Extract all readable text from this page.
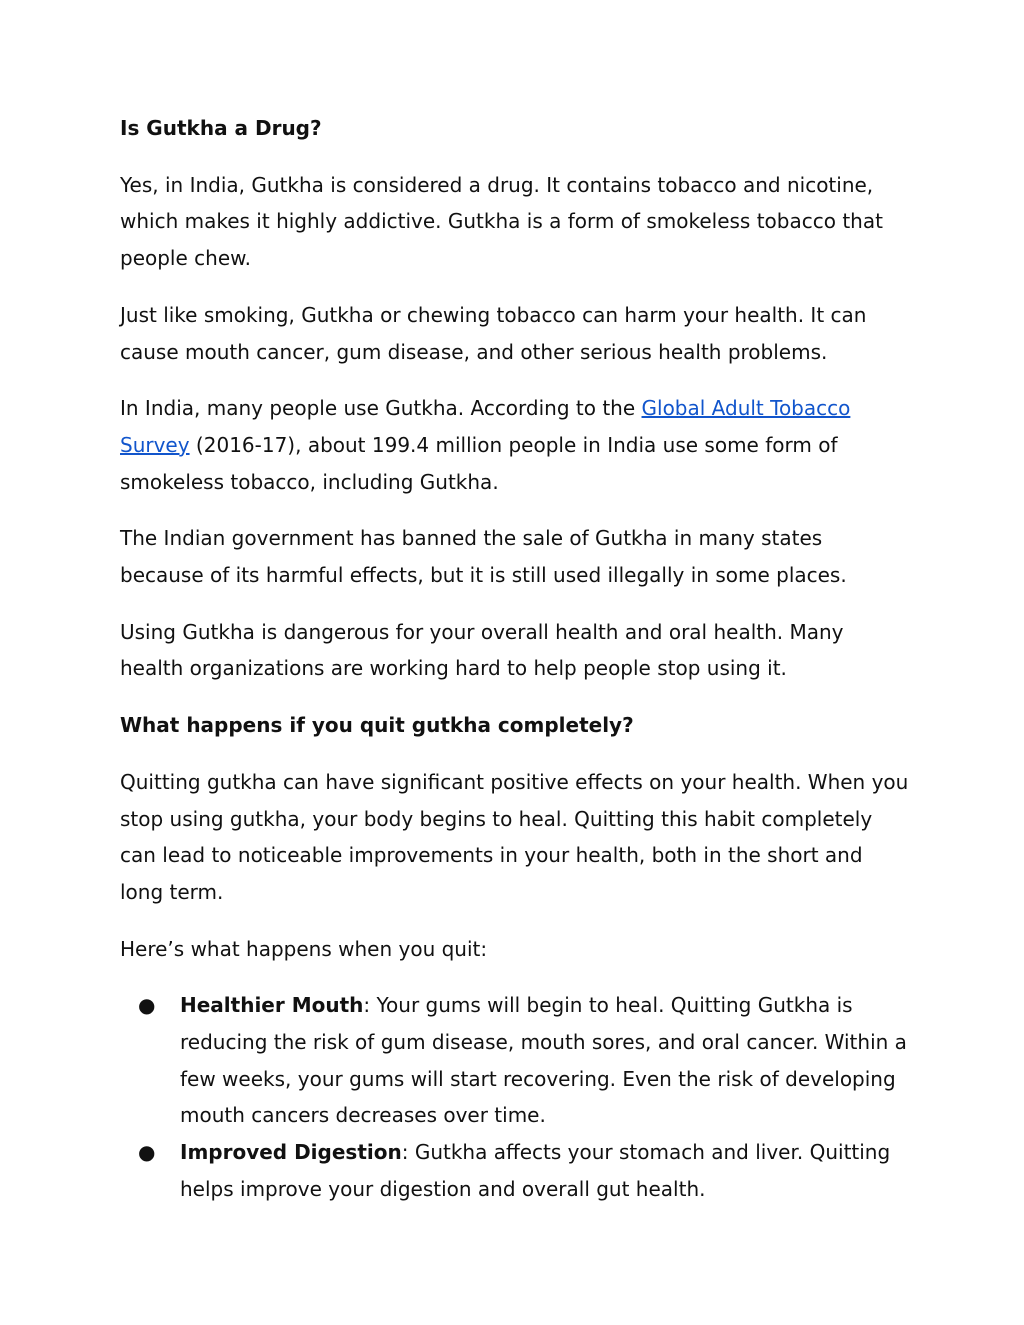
Is Gutkha a Drug?
Yes, in India, Gutkha is considered a drug. It contains tobacco and nicotine, which makes it highly addictive. Gutkha is a form of smokeless tobacco that people chew.
Just like smoking, Gutkha or chewing tobacco can harm your health. It can cause mouth cancer, gum disease, and other serious health problems.
In India, many people use Gutkha. According to the Global Adult Tobacco Survey (2016-17), about 199.4 million people in India use some form of smokeless tobacco, including Gutkha.
The Indian government has banned the sale of Gutkha in many states because of its harmful effects, but it is still used illegally in some places.
Using Gutkha is dangerous for your overall health and oral health. Many health organizations are working hard to help people stop using it.
What happens if you quit gutkha completely?
Quitting gutkha can have significant positive effects on your health. When you stop using gutkha, your body begins to heal. Quitting this habit completely can lead to noticeable improvements in your health, both in the short and long term.
Here’s what happens when you quit:
● Healthier Mouth: Your gums will begin to heal. Quitting Gutkha is reducing the risk of gum disease, mouth sores, and oral cancer. Within a few weeks, your gums will start recovering. Even the risk of developing mouth cancers decreases over time.
● Improved Digestion: Gutkha affects your stomach and liver. Quitting helps improve your digestion and overall gut health.
